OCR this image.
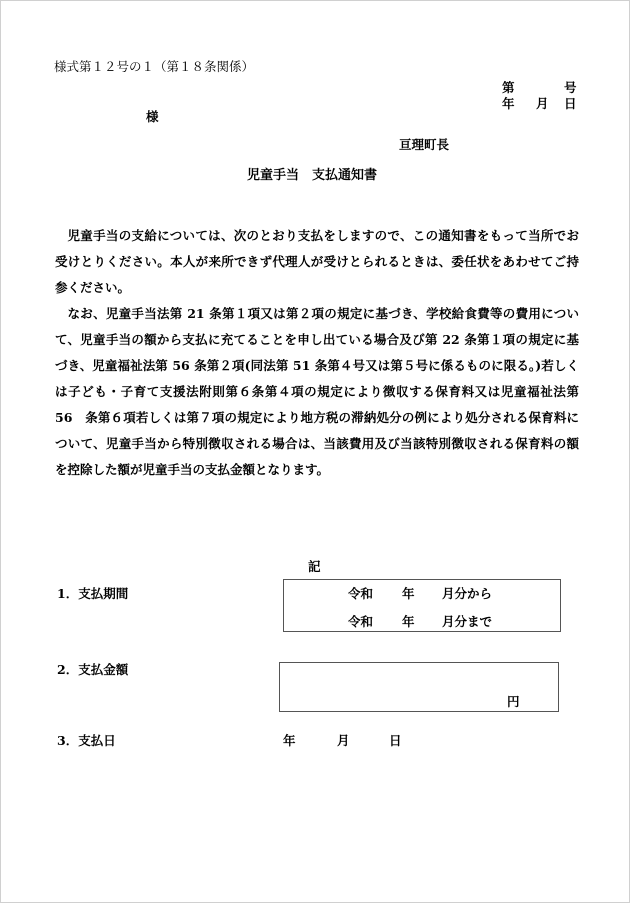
様式第１２号の１（第１８条関係）
第	号
年 月 日
様
亘理町長
児童手当　支払通知書

児童手当の支給については、次のとおり支払をしますので、この通知書をもって当所でお受けとりください。本人が来所できず代理人が受けとられるときは、委任状をあわせてご持参ください。

なお、児童手当法第 21 条第１項又は第２項の規定に基づき、学校給食費等の費用について、児童手当の額から支払に充てることを申し出ている場合及び第 22 条第１項の規定に基づき、児童福祉法第 56 条第２項(同法第 51 条第４号又は第５号に係るものに限る。)若しくは子ども・子育て支援法附則第６条第４項の規定により徴収する保育料又は児童福祉法第　56　条第６項若しくは第７項の規定により地方税の滞納処分の例により処分される保育料について、児童手当から特別徴収される場合は、当該費用及び当該特別徴収される保育料の額を控除した額が児童手当の支払金額となります。

記
1．支払期間	令和 年 月分から
令和 年 月分まで
2．支払金額
円
3．支払日	年	月	日
